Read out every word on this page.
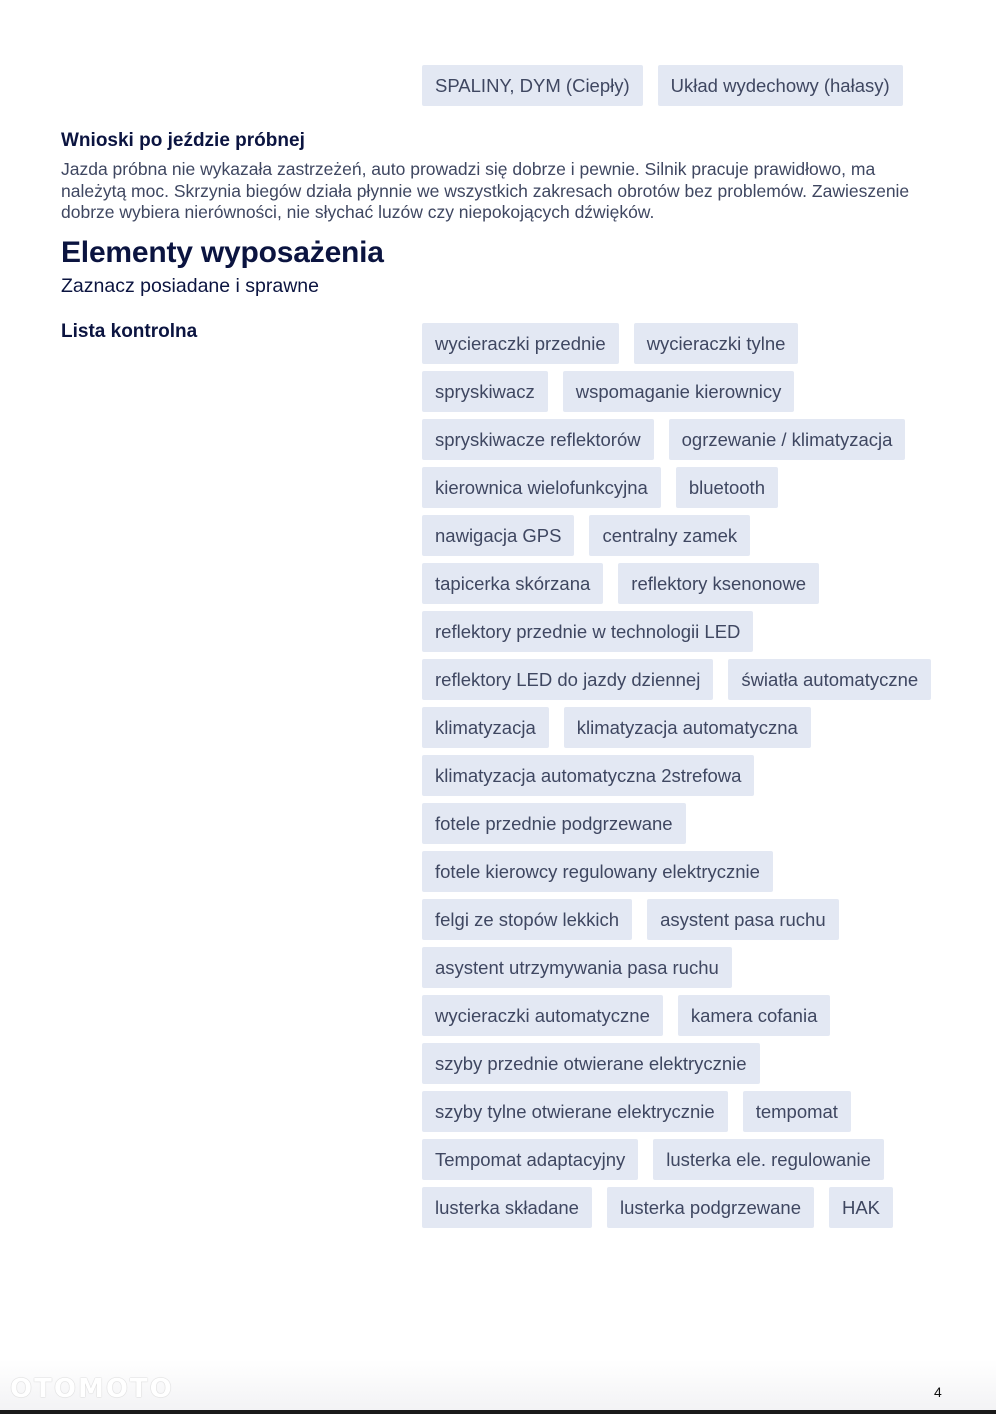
SPALINY, DYM (Ciepły)	Układ wydechowy (hałasy)
Wnioski po jeździe próbnej

Jazda próbna nie wykazała zastrzeżeń, auto prowadzi się dobrze i pewnie. Silnik pracuje prawidłowo, ma należytą moc. Skrzynia biegów działa płynnie we wszystkich zakresach obrotów bez problemów. Zawieszenie dobrze wybiera nierówności, nie słychać luzów czy niepokojących dźwięków.

Elementy wyposażenia

Zaznacz posiadane i sprawne

Lista kontrolna
wycieraczki przednie	wycieraczki tylne
spryskiwacz	wspomaganie kierownicy
spryskiwacze reflektorów	ogrzewanie / klimatyzacja
kierownica wielofunkcyjna	bluetooth
nawigacja GPS	centralny zamek
tapicerka skórzana	reflektory ksenonowe
reflektory przednie w technologii LED
reflektory LED do jazdy dziennej	światła automatyczne
klimatyzacja	klimatyzacja automatyczna
klimatyzacja automatyczna 2strefowa
fotele przednie podgrzewane
fotele kierowcy regulowany elektrycznie
felgi ze stopów lekkich	asystent pasa ruchu
asystent utrzymywania pasa ruchu
wycieraczki automatyczne	kamera cofania
szyby przednie otwierane elektrycznie
szyby tylne otwierane elektrycznie	tempomat
Tempomat adaptacyjny	lusterka ele. regulowanie
lusterka składane	lusterka podgrzewane	HAK
OTOMOTO	4
